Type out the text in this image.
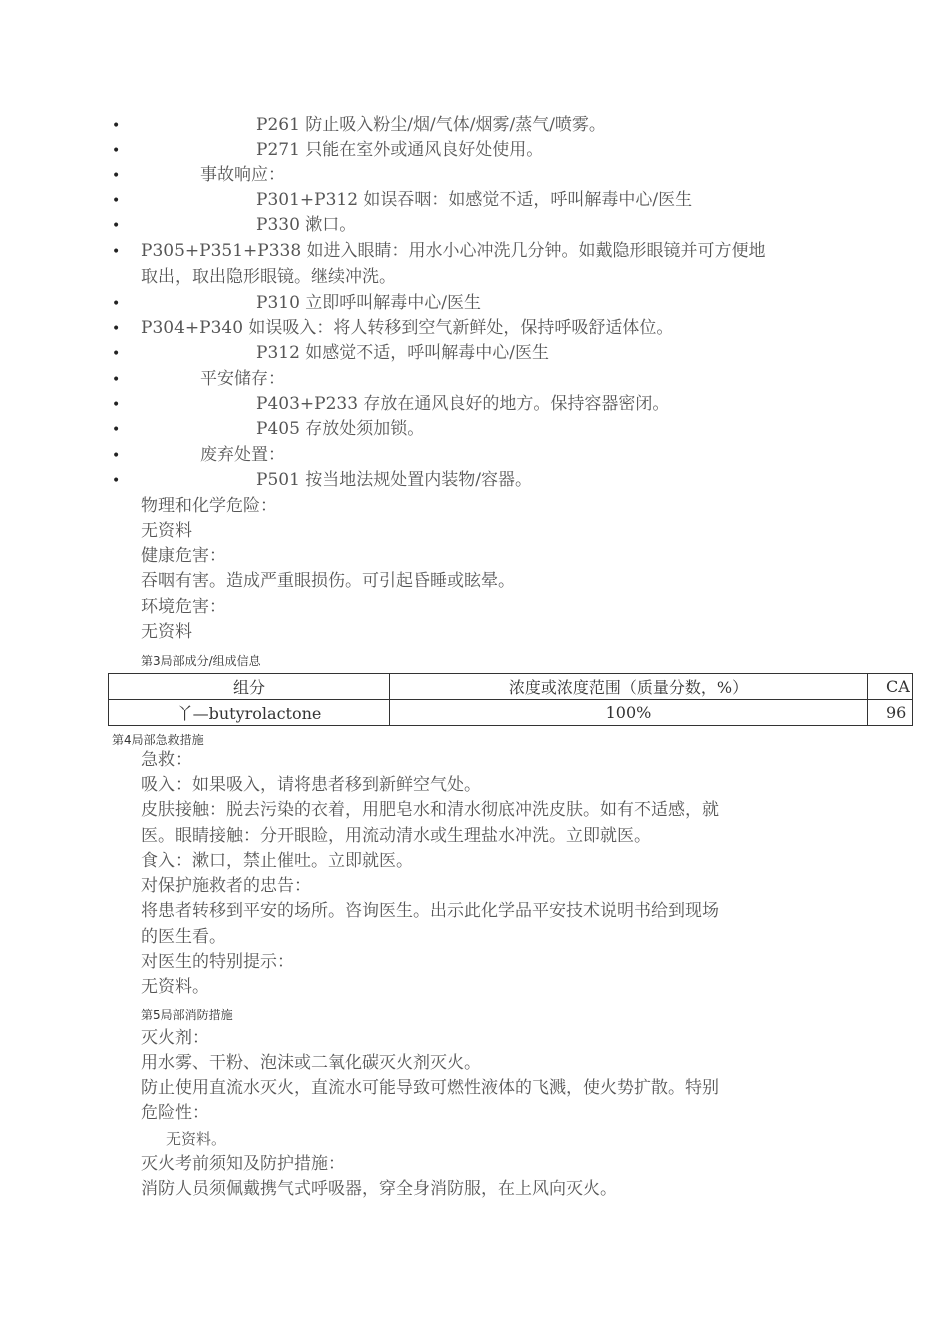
•	P261 防止吸入粉尘/烟/气体/烟雾/蒸气/喷雾。
•	P271 只能在室外或通风良好处使用。
•	事故响应：
•	P301+P312 如误吞咽：如感觉不适，呼叫解毒中心/医生
•	P330 漱口。
• P305+P351+P338 如进入眼睛：用水小心冲洗几分钟。如戴隐形眼镜并可方便地
取出，取出隐形眼镜。继续冲洗。
•	P310 立即呼叫解毒中心/医生
• P304+P340 如误吸入：将人转移到空气新鲜处，保持呼吸舒适体位。
•	P312 如感觉不适，呼叫解毒中心/医生
•	平安储存：
•	P403+P233 存放在通风良好的地方。保持容器密闭。
•	P405 存放处须加锁。
•	废弃处置：
•	P501 按当地法规处置内装物/容器。
物理和化学危险：
无资料
健康危害：
吞咽有害。造成严重眼损伤。可引起昏睡或眩晕。
环境危害：
无资料
第3局部成分/组成信息
组分	浓度或浓度范围（质量分数，%）	CA
丫—butyrolactone	100%	96
第4局部急救措施
急救：
吸入：如果吸入，请将患者移到新鲜空气处。
皮肤接触：脱去污染的衣着，用肥皂水和清水彻底冲洗皮肤。如有不适感，就
医。眼睛接触：分开眼睑，用流动清水或生理盐水冲洗。立即就医。
食入：漱口，禁止催吐。立即就医。
对保护施救者的忠告：
将患者转移到平安的场所。咨询医生。出示此化学品平安技术说明书给到现场
的医生看。
对医生的特别提示：
无资料。
第5局部消防措施
灭火剂：
用水雾、干粉、泡沫或二氧化碳灭火剂灭火。
防止使用直流水灭火，直流水可能导致可燃性液体的飞溅，使火势扩散。特别
危险性：
无资料。
灭火考前须知及防护措施：
消防人员须佩戴携气式呼吸器，穿全身消防服，在上风向灭火。
